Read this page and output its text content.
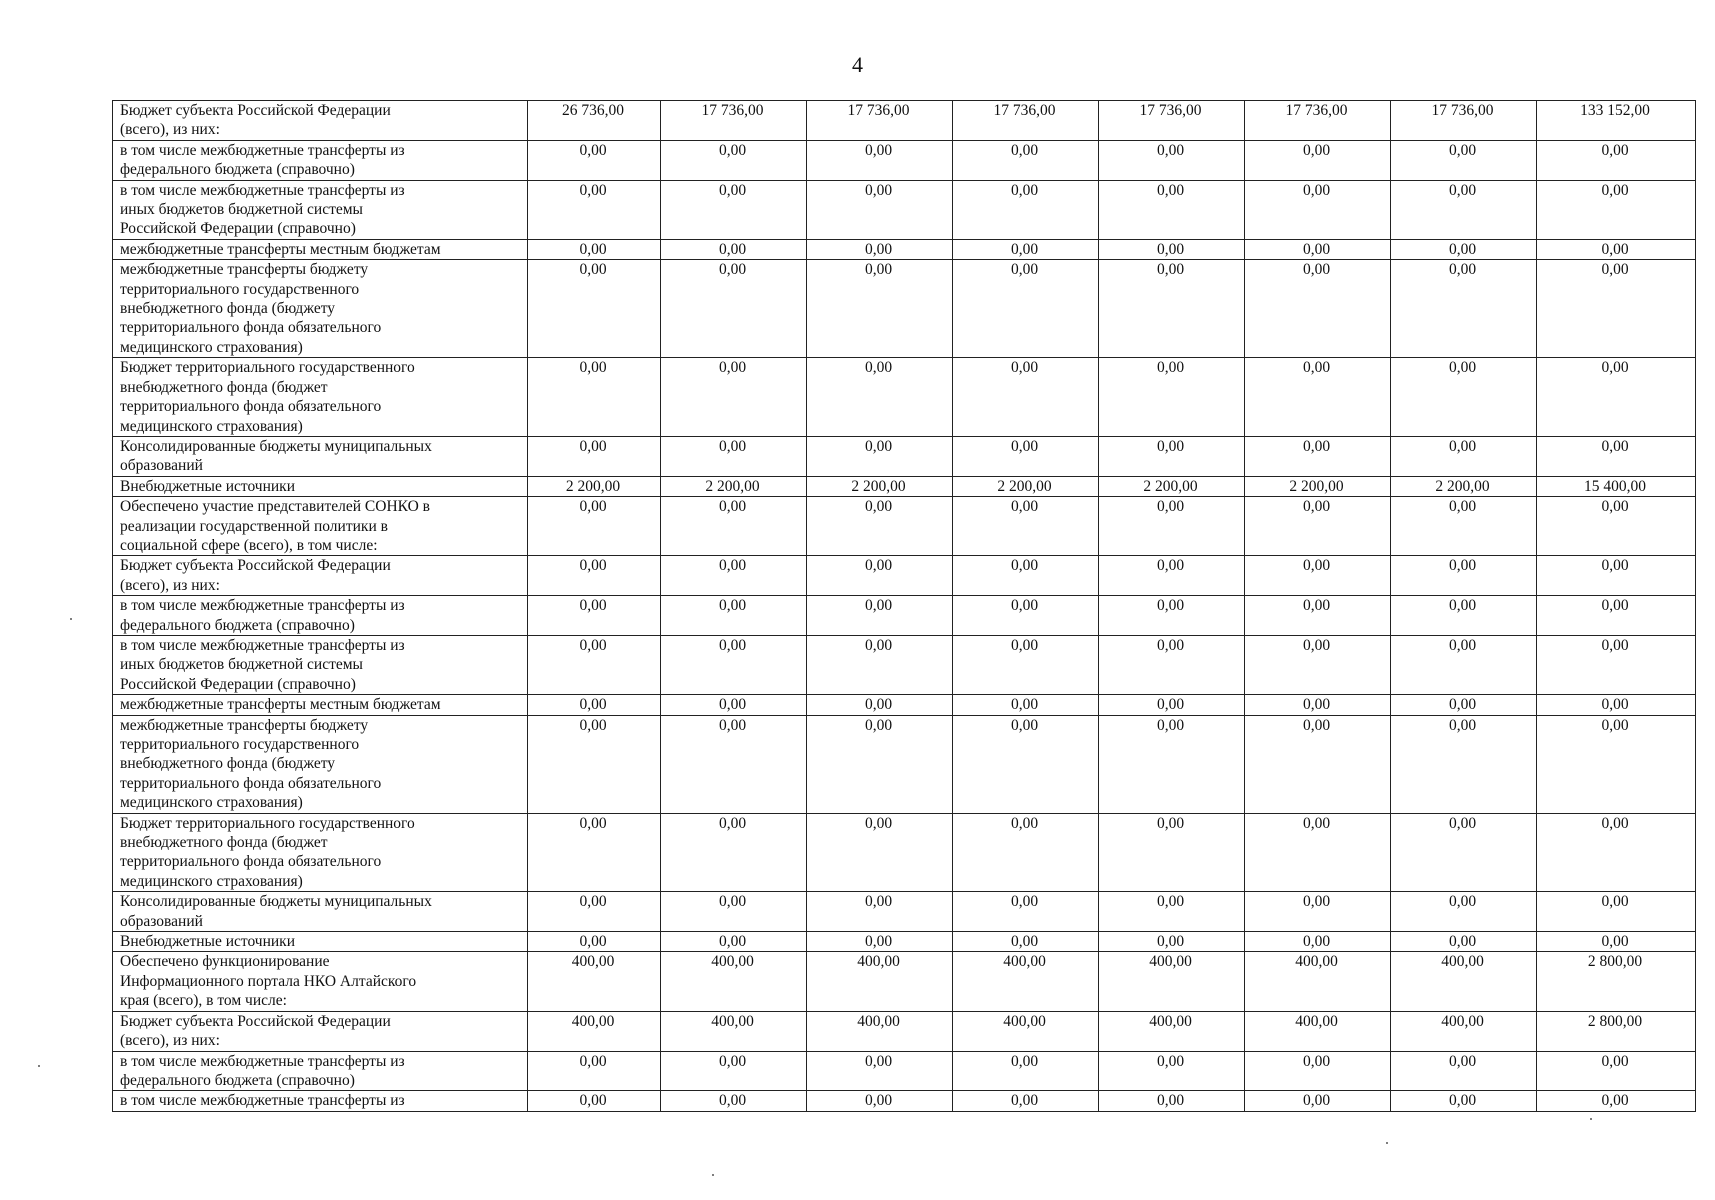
4
Бюджет субъекта Российской Федерации
(всего), из них:	26 736,00	17 736,00	17 736,00	17 736,00	17 736,00	17 736,00	17 736,00	133 152,00

в том числе межбюджетные трансферты из
федерального бюджета (справочно)	0,00	0,00	0,00	0,00	0,00	0,00	0,00	0,00

в том числе межбюджетные трансферты из
иных бюджетов бюджетной системы
Российской Федерации (справочно)	0,00	0,00	0,00	0,00	0,00	0,00	0,00	0,00

межбюджетные трансферты местным бюджетам	0,00	0,00	0,00	0,00	0,00	0,00	0,00	0,00

межбюджетные трансферты бюджету
территориального государственного
внебюджетного фонда (бюджету
территориального фонда обязательного
медицинского страхования)	0,00	0,00	0,00	0,00	0,00	0,00	0,00	0,00

Бюджет территориального государственного
внебюджетного фонда (бюджет
территориального фонда обязательного
медицинского страхования)	0,00	0,00	0,00	0,00	0,00	0,00	0,00	0,00

Консолидированные бюджеты муниципальных
образований	0,00	0,00	0,00	0,00	0,00	0,00	0,00	0,00

Внебюджетные источники	2 200,00	2 200,00	2 200,00	2 200,00	2 200,00	2 200,00	2 200,00	15 400,00

Обеспечено участие представителей СОНКО в
реализации государственной политики в
социальной сфере (всего), в том числе:	0,00	0,00	0,00	0,00	0,00	0,00	0,00	0,00

Бюджет субъекта Российской Федерации
(всего), из них:	0,00	0,00	0,00	0,00	0,00	0,00	0,00	0,00

в том числе межбюджетные трансферты из
федерального бюджета (справочно)	0,00	0,00	0,00	0,00	0,00	0,00	0,00	0,00

в том числе межбюджетные трансферты из
иных бюджетов бюджетной системы
Российской Федерации (справочно)	0,00	0,00	0,00	0,00	0,00	0,00	0,00	0,00

межбюджетные трансферты местным бюджетам	0,00	0,00	0,00	0,00	0,00	0,00	0,00	0,00

межбюджетные трансферты бюджету
территориального государственного
внебюджетного фонда (бюджету
территориального фонда обязательного
медицинского страхования)	0,00	0,00	0,00	0,00	0,00	0,00	0,00	0,00

Бюджет территориального государственного
внебюджетного фонда (бюджет
территориального фонда обязательного
медицинского страхования)	0,00	0,00	0,00	0,00	0,00	0,00	0,00	0,00

Консолидированные бюджеты муниципальных
образований	0,00	0,00	0,00	0,00	0,00	0,00	0,00	0,00

Внебюджетные источники	0,00	0,00	0,00	0,00	0,00	0,00	0,00	0,00

Обеспечено функционирование
Информационного портала НКО Алтайского
края (всего), в том числе:	400,00	400,00	400,00	400,00	400,00	400,00	400,00	2 800,00

Бюджет субъекта Российской Федерации
(всего), из них:	400,00	400,00	400,00	400,00	400,00	400,00	400,00	2 800,00

в том числе межбюджетные трансферты из
федерального бюджета (справочно)	0,00	0,00	0,00	0,00	0,00	0,00	0,00	0,00

в том числе межбюджетные трансферты из	0,00	0,00	0,00	0,00	0,00	0,00	0,00	0,00
